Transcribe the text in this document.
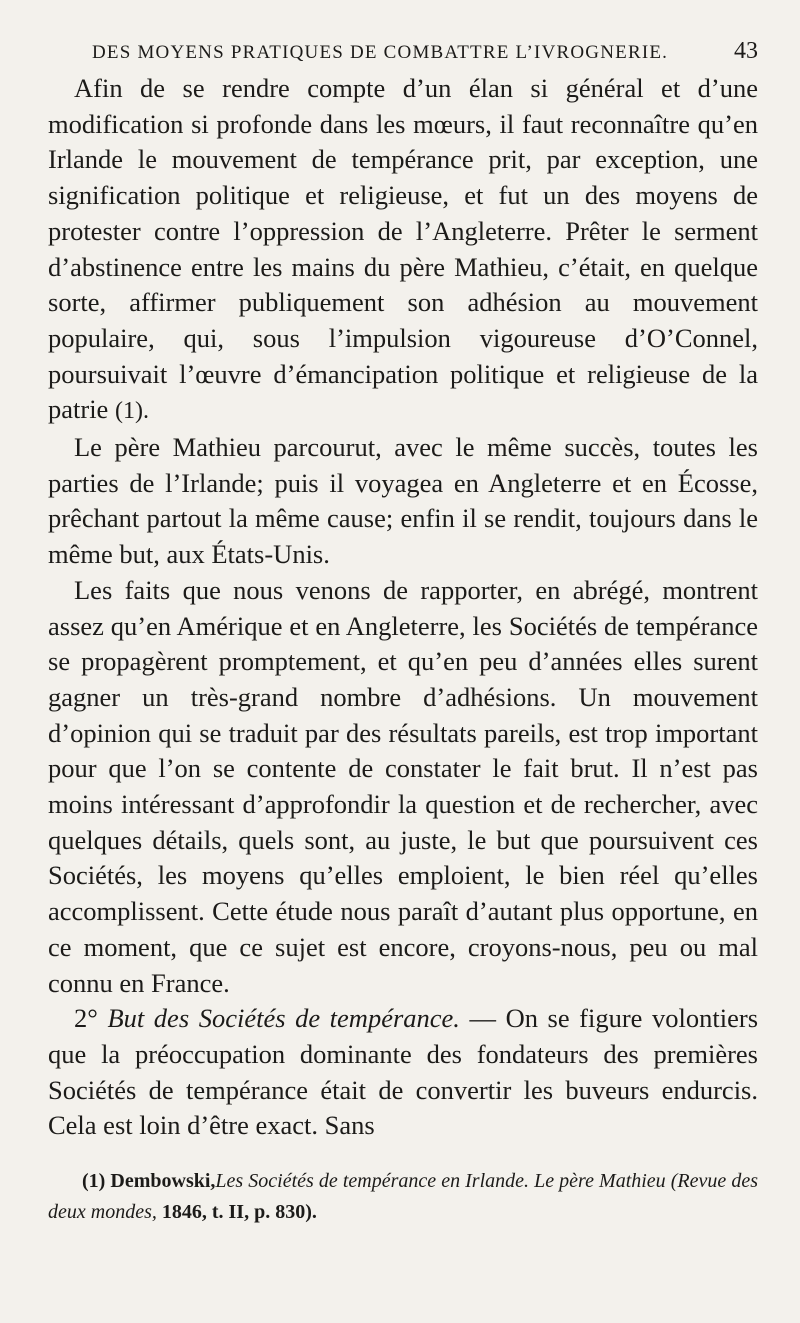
DES MOYENS PRATIQUES DE COMBATTRE L’IVROGNERIE.	43

Afin de se rendre compte d’un élan si général et d’une modification si profonde dans les mœurs, il faut reconnaître qu’en Irlande le mouvement de tempérance prit, par exception, une signification politique et religieuse, et fut un des moyens de protester contre l’oppression de l’Angleterre. Prêter le serment d’abstinence entre les mains du père Mathieu, c’était, en quelque sorte, affirmer publiquement son adhésion au mouvement populaire, qui, sous l’impulsion vigoureuse d’O’Connel, poursuivait l’œuvre d’émancipation politique et religieuse de la patrie (1).

Le père Mathieu parcourut, avec le même succès, toutes les parties de l’Irlande; puis il voyagea en Angleterre et en Écosse, prêchant partout la même cause; enfin il se rendit, toujours dans le même but, aux États-Unis.

Les faits que nous venons de rapporter, en abrégé, montrent assez qu’en Amérique et en Angleterre, les Sociétés de tempérance se propagèrent promptement, et qu’en peu d’années elles surent gagner un très-grand nombre d’adhésions. Un mouvement d’opinion qui se traduit par des résultats pareils, est trop important pour que l’on se contente de constater le fait brut. Il n’est pas moins intéressant d’approfondir la question et de rechercher, avec quelques détails, quels sont, au juste, le but que poursuivent ces Sociétés, les moyens qu’elles emploient, le bien réel qu’elles accomplissent. Cette étude nous paraît d’autant plus opportune, en ce moment, que ce sujet est encore, croyons-nous, peu ou mal connu en France.

2° But des Sociétés de tempérance. — On se figure volontiers que la préoccupation dominante des fondateurs des premières Sociétés de tempérance était de convertir les buveurs endurcis. Cela est loin d’être exact. Sans

(1) Dembowski,Les Sociétés de tempérance en Irlande. Le père Mathieu (Revue des deux mondes, 1846, t. II, p. 830).
